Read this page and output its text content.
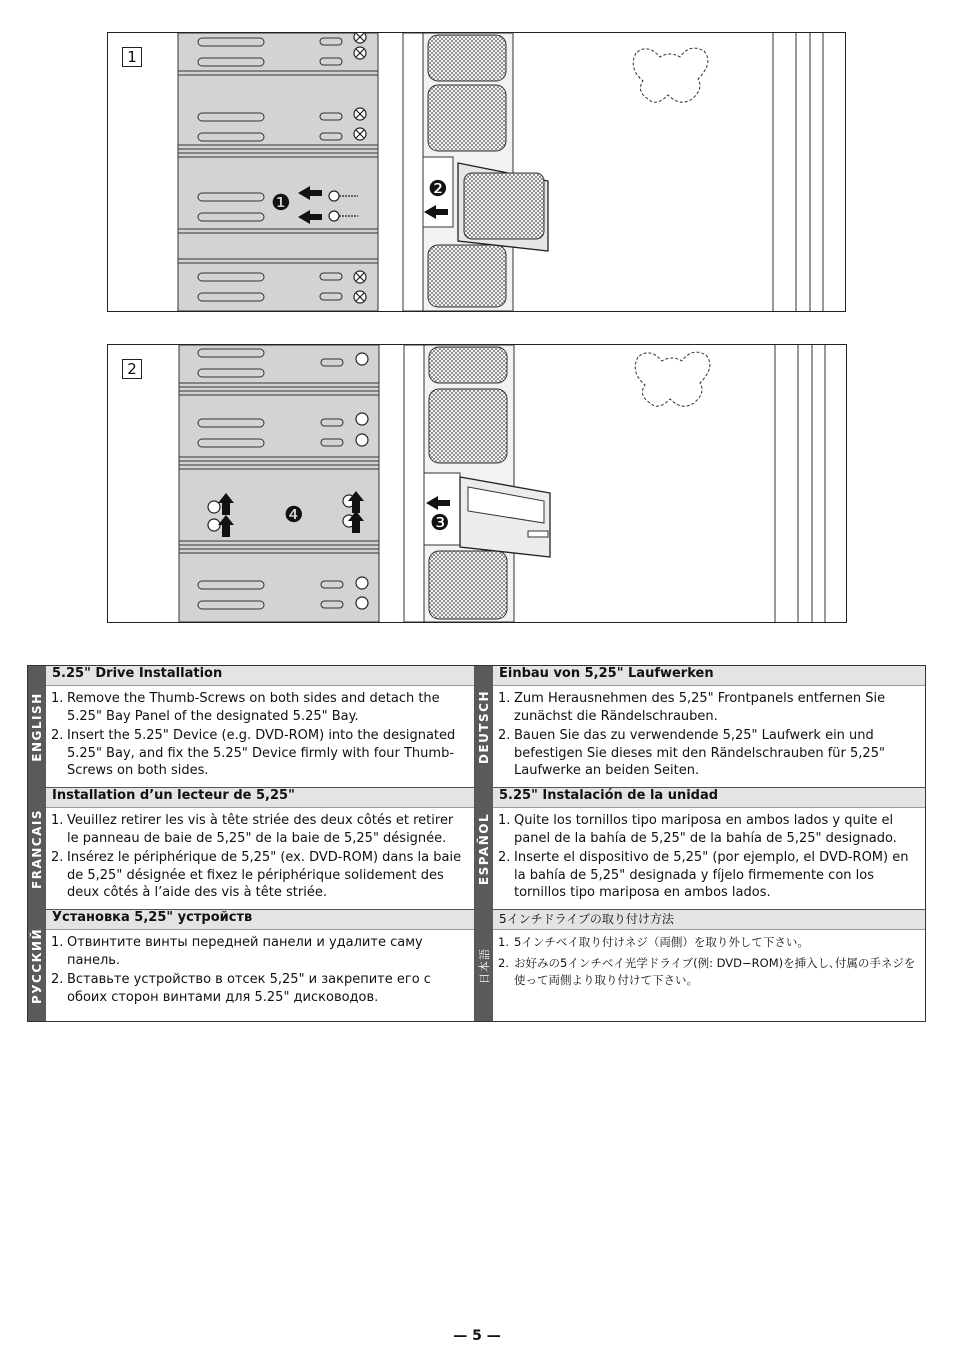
1
❶
❷
2
❸
❹
ENGLISH
5.25" Drive Installation
1. Remove the Thumb-Screws on both sides and detach the 5.25" Bay Panel of the designated 5.25" Bay.
2. Insert the 5.25" Device (e.g. DVD-ROM) into the designated 5.25" Bay, and fix the 5.25" Device firmly with four Thumb-Screws on both sides.
DEUTSCH
Einbau von 5,25" Laufwerken
1. Zum Herausnehmen des 5,25" Frontpanels entfernen Sie zunächst die Rändelschrauben.
2. Bauen Sie das zu verwendende 5,25" Laufwerk ein und befestigen Sie dieses mit den Rändelschrauben für 5,25" Laufwerke an beiden Seiten.
FRANCAIS
Installation d’un lecteur de 5,25"
1. Veuillez retirer les vis à tête striée des deux côtés et retirer le panneau de baie de 5,25" de la baie de 5,25" désignée.
2. Insérez le périphérique de 5,25" (ex. DVD-ROM) dans la baie de 5,25" désignée et fixez le périphérique solidement des deux côtés à l’aide des vis à tête striée.
ESPAÑOL
5.25" Instalación de la unidad
1. Quite los tornillos tipo mariposa en ambos lados y quite el panel de la bahía de 5,25" de la bahía de 5,25" designado.
2. Inserte el dispositivo de 5,25" (por ejemplo, el DVD-ROM) en la bahía de 5,25" designada y fíjelo firmemente con los tornillos tipo mariposa en ambos lados.
РУССКИЙ
Установка 5,25" устройств
1. Отвинтите винты передней панели и удалите саму панель.
2. Вставьте устройство в отсек 5,25" и закрепите его с обоих сторон винтами для 5.25" дисководов.
日本語
5インチドライブの取り付け方法
1. 5インチベイ取り付けネジ（両側）を取り外して下さい。
2. お好みの5インチベイ光学ドライブ(例: DVD−ROM)を挿入し､付属の手ネジを使って両側より取り付けて下さい。
— 5 —
